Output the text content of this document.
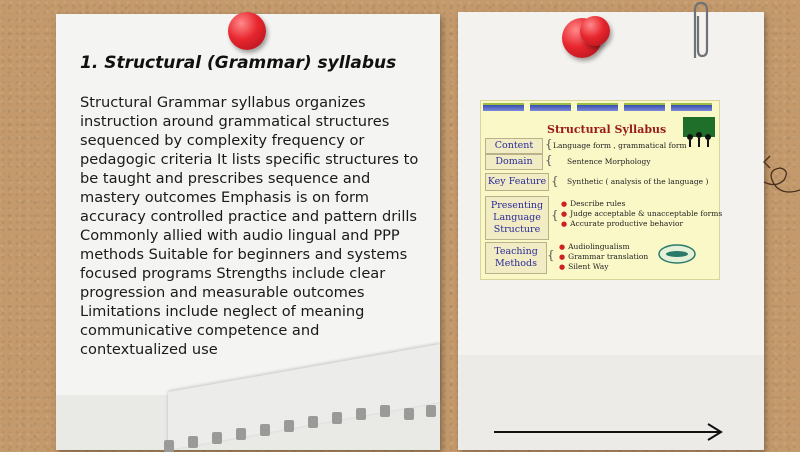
1. Structural (Grammar) syllabus

Structural Grammar syllabus organizes instruction around grammatical structures sequenced by complexity frequency or pedagogic criteria It lists specific structures to be taught and prescribes sequence and mastery outcomes Emphasis is on form accuracy controlled practice and pattern drills Commonly allied with audio lingual and PPP methods Suitable for beginners and systems focused programs Strengths include clear progression and measurable outcomes Limitations include neglect of meaning communicative competence and contextualized use

Structural Syllabus
Content { Language form , grammatical form

Domain	{ Sentence Morphology

Key Feature { Synthetic ( analysis of the language )

Presenting Language Structure
{

● Describe rules

● Judge acceptable & unacceptable forms

● Accurate productive behavior

Teaching Methods
{

● Audiolingualism

● Grammar translation

● Silent Way
